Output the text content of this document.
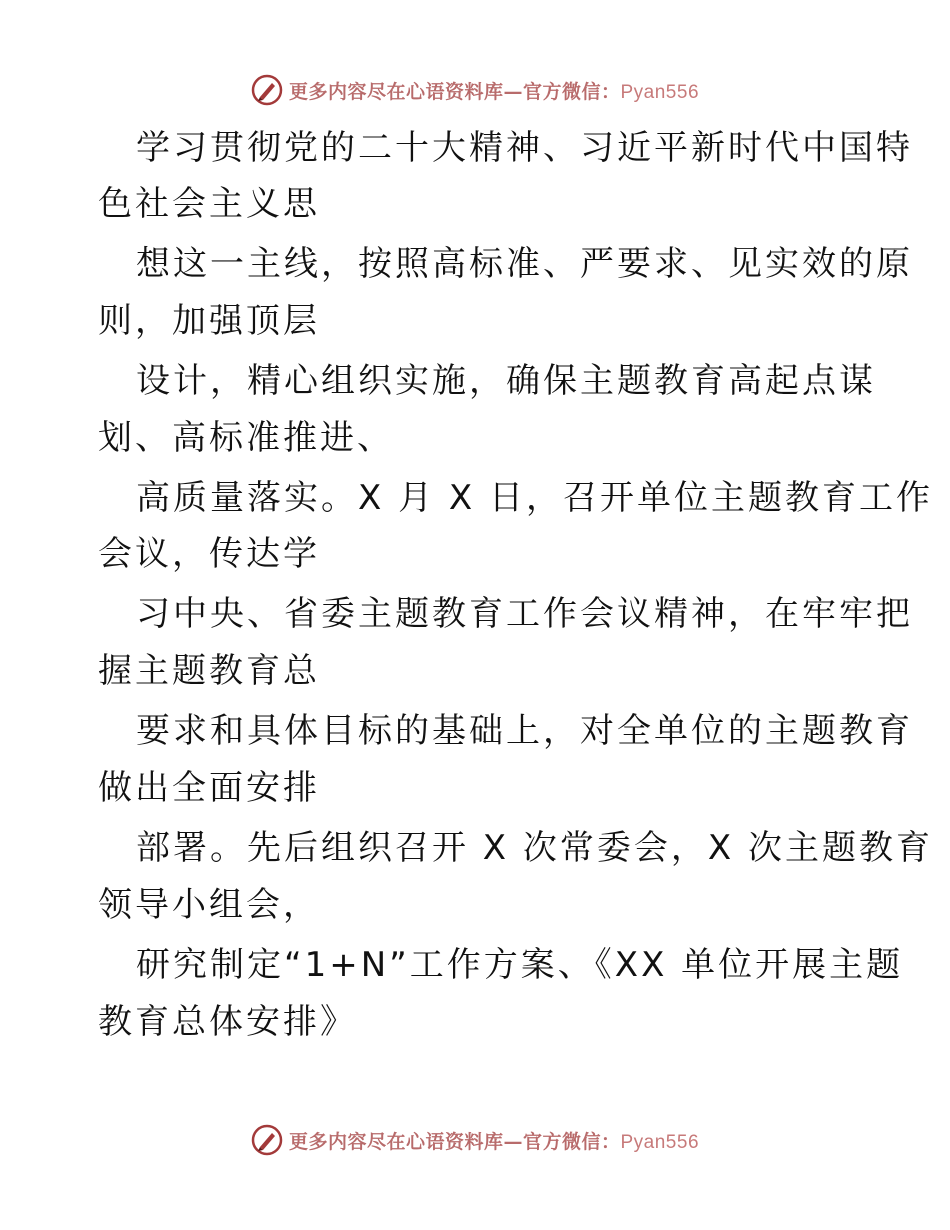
更多内容尽在心语资料库—官方微信：Pyan556
学习贯彻党的二十大精神、习近平新时代中国特
色社会主义思
想这一主线，按照高标准、严要求、见实效的原
则，加强顶层
设计，精心组织实施，确保主题教育高起点谋
划、高标准推进、
高质量落实。X 月 X 日，召开单位主题教育工作
会议，传达学
习中央、省委主题教育工作会议精神，在牢牢把
握主题教育总
要求和具体目标的基础上，对全单位的主题教育
做出全面安排
部署。先后组织召开 X 次常委会，X 次主题教育
领导小组会，
研究制定“1+N”工作方案、《XX 单位开展主题
教育总体安排》
更多内容尽在心语资料库—官方微信：Pyan556
